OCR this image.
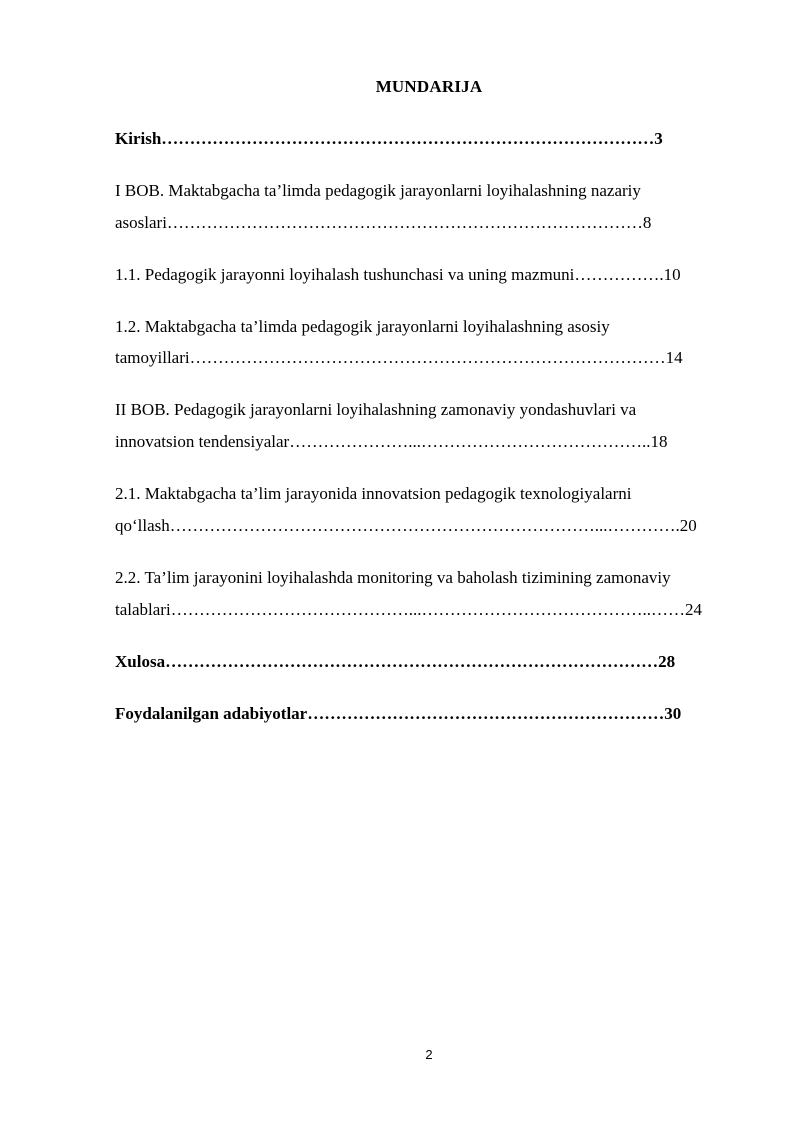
MUNDARIJA
Kirish……………………………………………………………………………3
I BOB. Maktabgacha ta’limda pedagogik jarayonlarni loyihalashning nazariy
asoslari…………………………………………………………………………8
1.1. Pedagogik jarayonni loyihalash tushunchasi va uning mazmuni…………….10
1.2. Maktabgacha ta’limda pedagogik jarayonlarni loyihalashning asosiy
tamoyillari…………………………………………………………………………14
II BOB. Pedagogik jarayonlarni loyihalashning zamonaviy yondashuvlari va
innovatsion tendensiyalar…………………...…………………………………..18
2.1. Maktabgacha ta’lim jarayonida innovatsion pedagogik texnologiyalarni
qo‘llash…………………………………………………………………...………….20
2.2. Ta’lim jarayonini loyihalashda monitoring va baholash tizimining zamonaviy
talablari……………………………………...…………………………………..……24
Xulosa……………………………………………………………………………28
Foydalanilgan adabiyotlar………………………………………………………30
2
